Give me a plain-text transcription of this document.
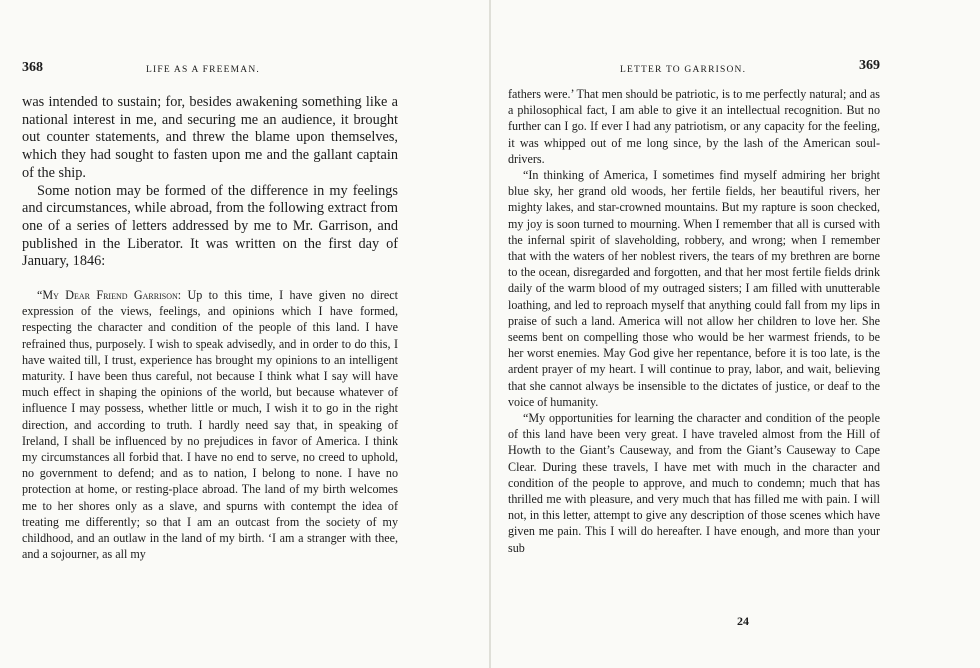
368	LIFE AS A FREEMAN.

was intended to sustain; for, besides awakening something like a national interest in me, and securing me an audience, it brought out counter statements, and threw the blame upon themselves, which they had sought to fasten upon me and the gallant captain of the ship.

Some notion may be formed of the difference in my feelings and circumstances, while abroad, from the following extract from one of a series of letters addressed by me to Mr. Garrison, and published in the Liberator. It was written on the first day of January, 1846:

“My Dear Friend Garrison: Up to this time, I have given no direct expression of the views, feelings, and opinions which I have formed, respecting the character and condition of the people of this land. I have refrained thus, purposely. I wish to speak advisedly, and in order to do this, I have waited till, I trust, experience has brought my opinions to an intelligent maturity. I have been thus careful, not because I think what I say will have much effect in shaping the opinions of the world, but because whatever of influence I may possess, whether little or much, I wish it to go in the right direction, and according to truth. I hardly need say that, in speaking of Ireland, I shall be influenced by no prejudices in favor of America. I think my circumstances all forbid that. I have no end to serve, no creed to uphold, no government to defend; and as to nation, I belong to none. I have no protection at home, or resting-place abroad. The land of my birth welcomes me to her shores only as a slave, and spurns with contempt the idea of treating me differently; so that I am an outcast from the society of my childhood, and an outlaw in the land of my birth. ‘I am a stranger with thee, and a sojourner, as all my

LETTER TO GARRISON.	369

fathers were.’ That men should be patriotic, is to me perfectly natural; and as a philosophical fact, I am able to give it an intellectual recognition. But no further can I go. If ever I had any patriotism, or any capacity for the feeling, it was whipped out of me long since, by the lash of the American soul-drivers.

“In thinking of America, I sometimes find myself admiring her bright blue sky, her grand old woods, her fertile fields, her beautiful rivers, her mighty lakes, and star-crowned mountains. But my rapture is soon checked, my joy is soon turned to mourning. When I remember that all is cursed with the infernal spirit of slaveholding, robbery, and wrong; when I remember that with the waters of her noblest rivers, the tears of my brethren are borne to the ocean, disregarded and forgotten, and that her most fertile fields drink daily of the warm blood of my outraged sisters; I am filled with unutterable loathing, and led to reproach myself that anything could fall from my lips in praise of such a land. America will not allow her children to love her. She seems bent on compelling those who would be her warmest friends, to be her worst enemies. May God give her repentance, before it is too late, is the ardent prayer of my heart. I will continue to pray, labor, and wait, believing that she cannot always be insensible to the dictates of justice, or deaf to the voice of humanity.

“My opportunities for learning the character and condition of the people of this land have been very great. I have traveled almost from the Hill of Howth to the Giant’s Causeway, and from the Giant’s Causeway to Cape Clear. During these travels, I have met with much in the character and condition of the people to approve, and much to condemn; much that has thrilled me with pleasure, and very much that has filled me with pain. I will not, in this letter, attempt to give any description of those scenes which have given me pain. This I will do hereafter. I have enough, and more than your sub

24
